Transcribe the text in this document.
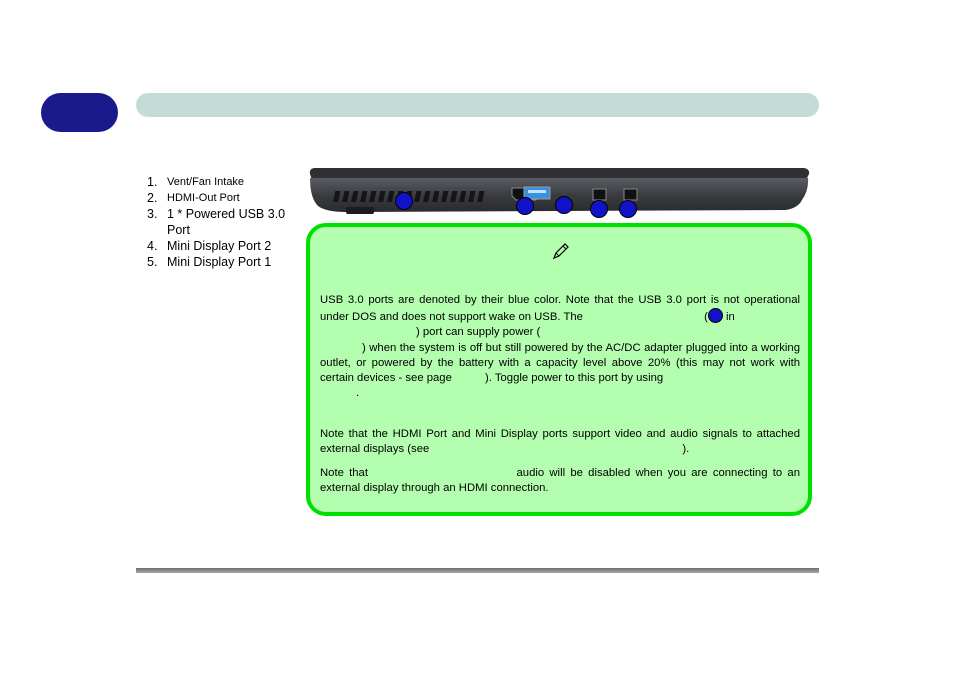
1. Vent/Fan Intake
2. HDMI-Out Port
3. 1 * Powered USB 3.0 Port
4. Mini Display Port 2
5. Mini Display Port 1
USB 3.0 ports are denoted by their blue color. Note that the USB 3.0 port is not operational under DOS and does not support wake on USB. The	( in
) port can supply power (
) when the system is off but still powered by the AC/DC adapter plugged into a working outlet, or powered by the battery with a capacity level above 20% (this may not work with certain devices - see page	). Toggle power to this port by using
.
Note that the HDMI Port and Mini Display ports support video and audio signals to attached external displays (see	).
Note that	audio will be disabled when you are connecting to an external display through an HDMI connection.
